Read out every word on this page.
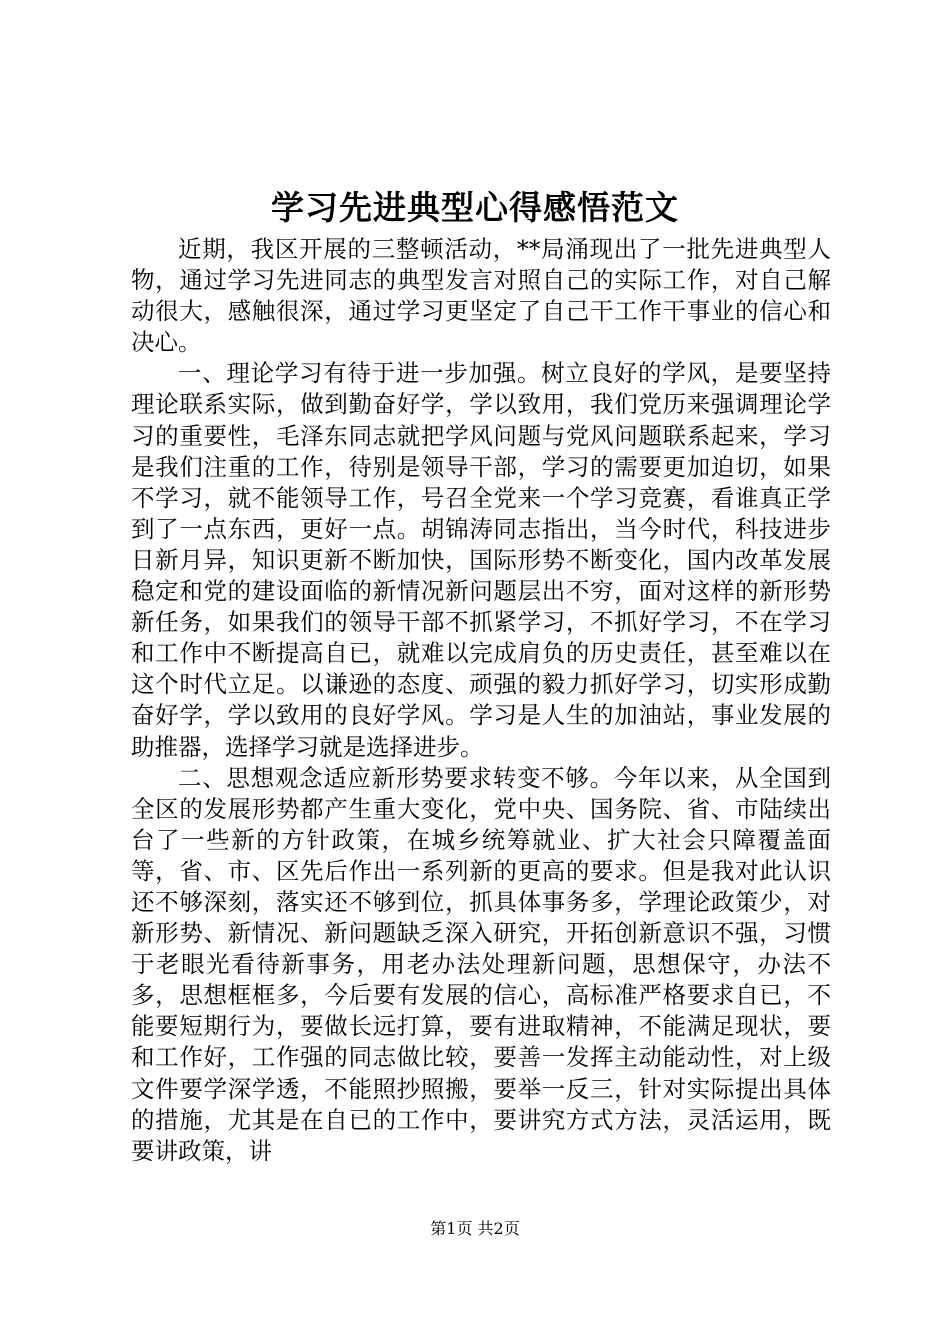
学习先进典型心得感悟范文

近期，我区开展的三整顿活动，**局涌现出了一批先进典型人物，通过学习先进同志的典型发言对照自己的实际工作，对自己解动很大，感触很深，通过学习更坚定了自己干工作干事业的信心和决心。

一、理论学习有待于进一步加强。树立良好的学风，是要坚持理论联系实际，做到勤奋好学，学以致用，我们党历来强调理论学习的重要性，毛泽东同志就把学风问题与党风问题联系起来，学习是我们注重的工作，待别是领导干部，学习的需要更加迫切，如果不学习，就不能领导工作，号召全党来一个学习竞赛，看谁真正学到了一点东西，更好一点。胡锦涛同志指出，当今时代，科技进步日新月异，知识更新不断加快，国际形势不断变化，国内改革发展稳定和党的建设面临的新情况新问题层出不穷，面对这样的新形势新任务，如果我们的领导干部不抓紧学习，不抓好学习，不在学习和工作中不断提高自已，就难以完成肩负的历史责任，甚至难以在这个时代立足。以谦逊的态度、顽强的毅力抓好学习，切实形成勤奋好学，学以致用的良好学风。学习是人生的加油站，事业发展的助推器，选择学习就是选择进步。

二、思想观念适应新形势要求转变不够。今年以来，从全国到全区的发展形势都产生重大变化，党中央、国务院、省、市陆续出台了一些新的方针政策，在城乡统筹就业、扩大社会只障覆盖面等，省、市、区先后作出一系列新的更高的要求。但是我对此认识还不够深刻，落实还不够到位，抓具体事务多，学理论政策少，对新形势、新情况、新问题缺乏深入研究，开拓创新意识不强，习惯于老眼光看待新事务，用老办法处理新问题，思想保守，办法不多，思想框框多，今后要有发展的信心，高标准严格要求自已，不能要短期行为，要做长远打算，要有进取精神，不能满足现状，要和工作好，工作强的同志做比较，要善一发挥主动能动性，对上级文件要学深学透，不能照抄照搬，要举一反三，针对实际提出具体的措施，尤其是在自已的工作中，要讲究方式方法，灵活运用，既要讲政策，讲

第1页 共2页
